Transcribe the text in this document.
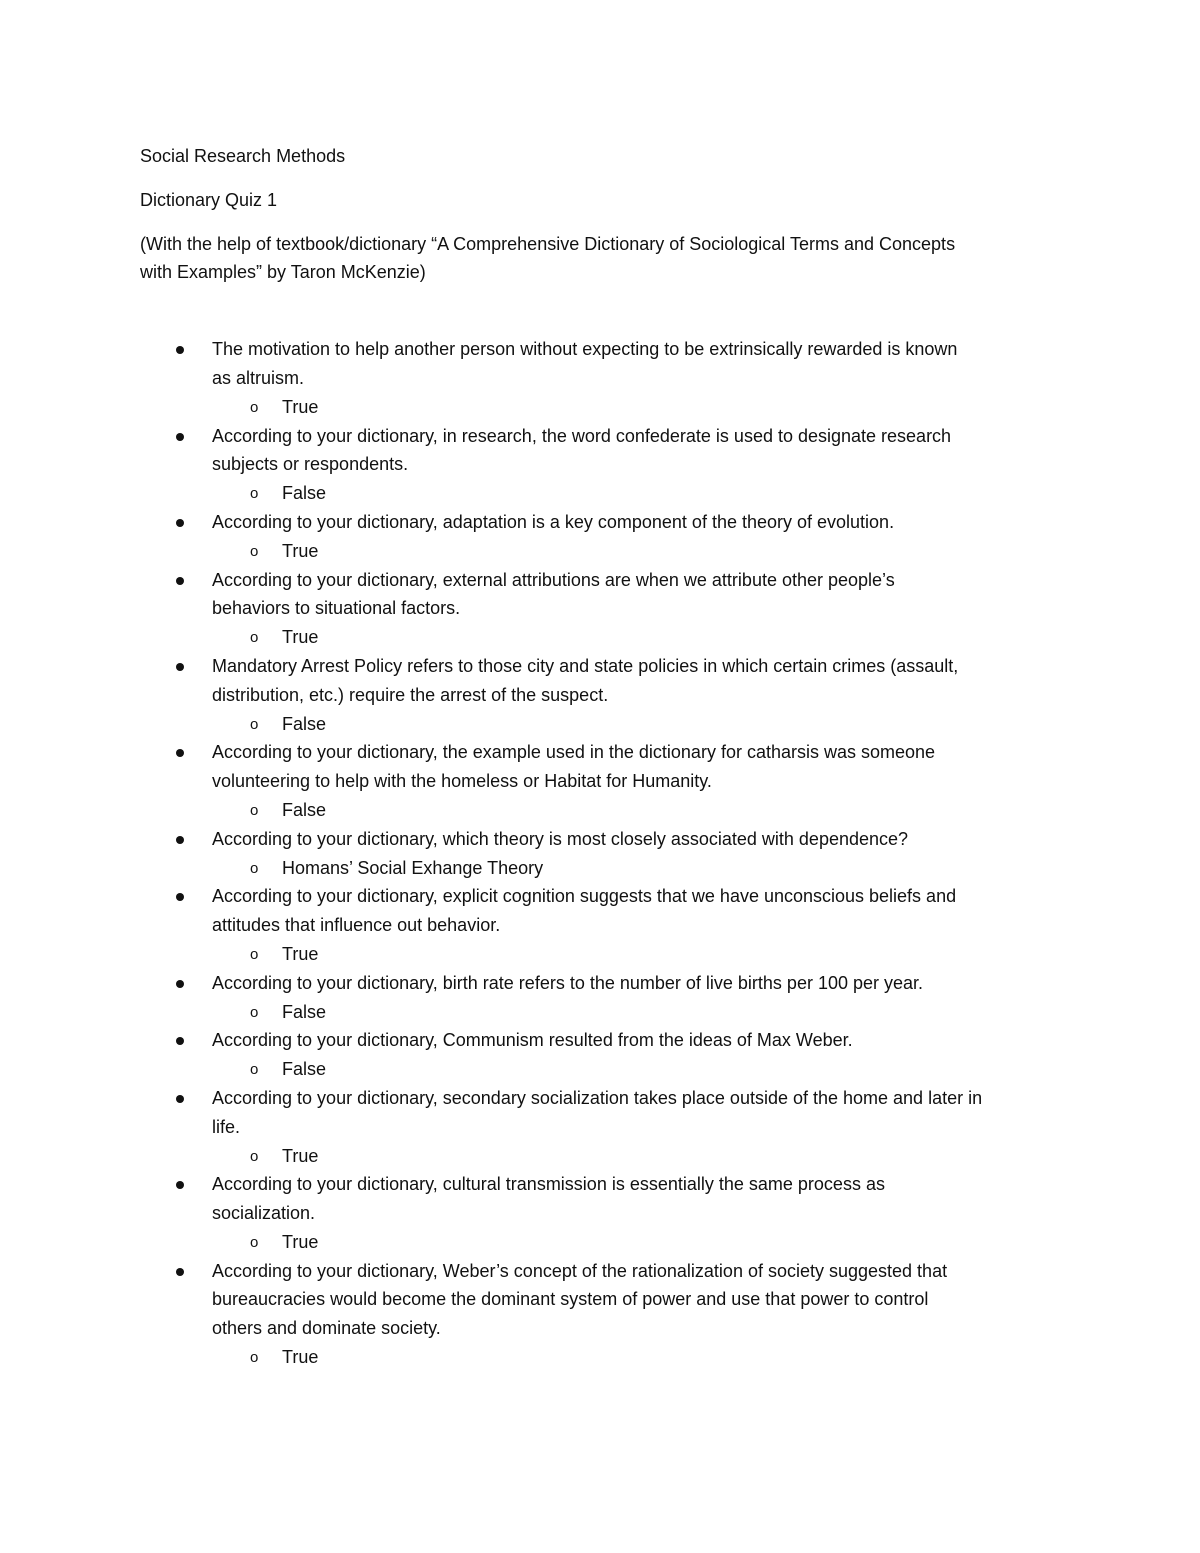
Social Research Methods

Dictionary Quiz 1

(With the help of textbook/dictionary “A Comprehensive Dictionary of Sociological Terms and Concepts

with Examples” by Taron McKenzie)

The motivation to help another person without expecting to be extrinsically rewarded is known
as altruism.
o True
According to your dictionary, in research, the word confederate is used to designate research
subjects or respondents.
o False
According to your dictionary, adaptation is a key component of the theory of evolution.
o True
According to your dictionary, external attributions are when we attribute other people’s
behaviors to situational factors.
o True
Mandatory Arrest Policy refers to those city and state policies in which certain crimes (assault,
distribution, etc.) require the arrest of the suspect.
o False
According to your dictionary, the example used in the dictionary for catharsis was someone
volunteering to help with the homeless or Habitat for Humanity.
o False
According to your dictionary, which theory is most closely associated with dependence?
o Homans’ Social Exhange Theory
According to your dictionary, explicit cognition suggests that we have unconscious beliefs and
attitudes that influence out behavior.
o True
According to your dictionary, birth rate refers to the number of live births per 100 per year.
o False
According to your dictionary, Communism resulted from the ideas of Max Weber.
o False
According to your dictionary, secondary socialization takes place outside of the home and later in
life.
o True
According to your dictionary, cultural transmission is essentially the same process as
socialization.
o True
According to your dictionary, Weber’s concept of the rationalization of society suggested that
bureaucracies would become the dominant system of power and use that power to control
others and dominate society.
o True
